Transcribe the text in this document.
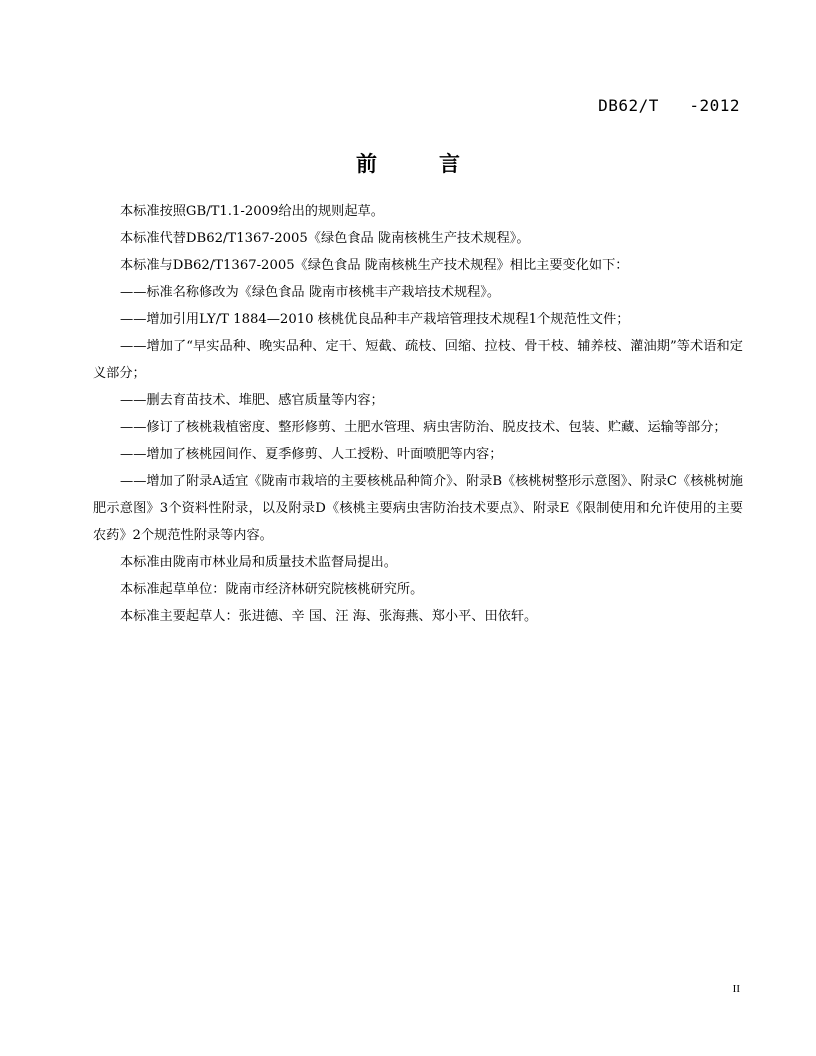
DB62/T   -2012
前言

本标准按照GB/T1.1-2009给出的规则起草。

本标准代替DB62/T1367-2005《绿色食品 陇南核桃生产技术规程》。

本标准与DB62/T1367-2005《绿色食品 陇南核桃生产技术规程》相比主要变化如下：

——标准名称修改为《绿色食品 陇南市核桃丰产栽培技术规程》。

——增加引用LY/T 1884—2010 核桃优良品种丰产栽培管理技术规程1个规范性文件；

——增加了“早实品种、晚实品种、定干、短截、疏枝、回缩、拉枝、骨干枝、辅养枝、灌油期”等术语和定义部分；

——删去育苗技术、堆肥、感官质量等内容；

——修订了核桃栽植密度、整形修剪、土肥水管理、病虫害防治、脱皮技术、包装、贮藏、运输等部分；

——增加了核桃园间作、夏季修剪、人工授粉、叶面喷肥等内容；

——增加了附录A适宜《陇南市栽培的主要核桃品种简介》、附录B《核桃树整形示意图》、附录C《核桃树施肥示意图》3个资料性附录，以及附录D《核桃主要病虫害防治技术要点》、附录E《限制使用和允许使用的主要农药》2个规范性附录等内容。

本标准由陇南市林业局和质量技术监督局提出。

本标准起草单位：陇南市经济林研究院核桃研究所。

本标准主要起草人：张进德、辛 国、汪 海、张海燕、郑小平、田依轩。

II
